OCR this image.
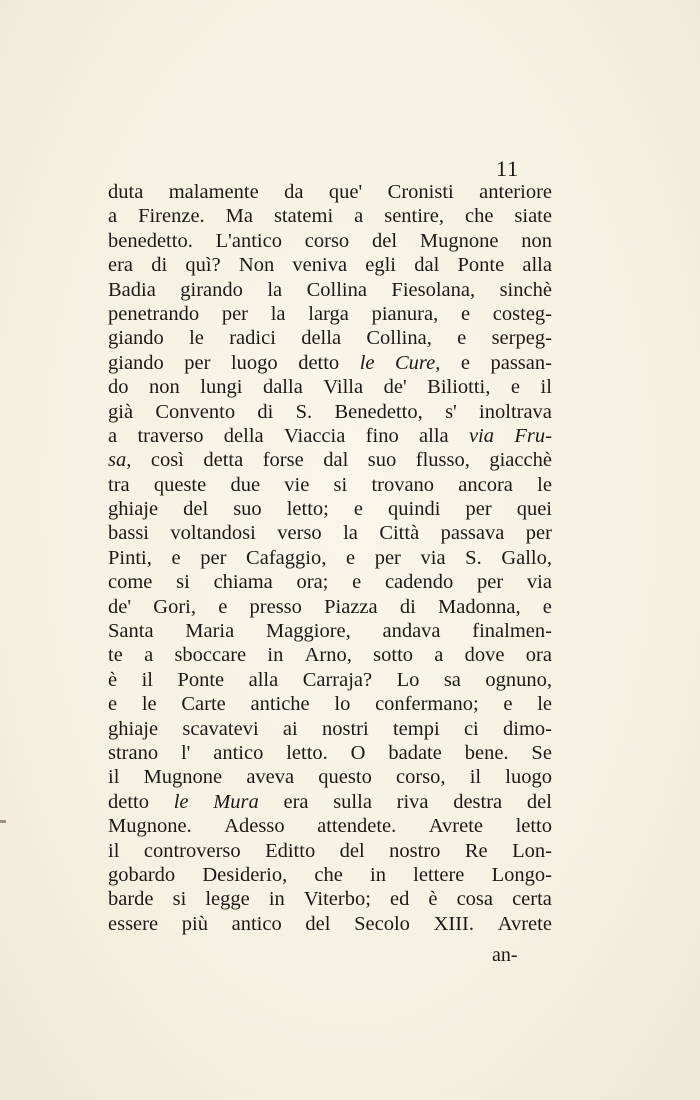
11
duta malamente da que' Cronisti anteriore
a Firenze. Ma statemi a sentire, che siate
benedetto. L'antico corso del Mugnone non
era di quì? Non veniva egli dal Ponte alla
Badia girando la Collina Fiesolana, sinchè
penetrando per la larga pianura, e costeg-
giando le radici della Collina, e serpeg-
giando per luogo detto le Cure, e passan-
do non lungi dalla Villa de' Biliotti, e il
già Convento di S. Benedetto, s' inoltrava
a traverso della Viaccia fino alla via Fru-
sa, così detta forse dal suo flusso, giacchè
tra queste due vie si trovano ancora le
ghiaje del suo letto; e quindi per quei
bassi voltandosi verso la Città passava per
Pinti, e per Cafaggio, e per via S. Gallo,
come si chiama ora; e cadendo per via
de' Gori, e presso Piazza di Madonna, e
Santa Maria Maggiore, andava finalmen-
te a sboccare in Arno, sotto a dove ora
è il Ponte alla Carraja? Lo sa ognuno,
e le Carte antiche lo confermano; e le
ghiaje scavatevi ai nostri tempi ci dimo-
strano l' antico letto. O badate bene. Se
il Mugnone aveva questo corso, il luogo
detto le Mura era sulla riva destra del
Mugnone. Adesso attendete. Avrete letto
il controverso Editto del nostro Re Lon-
gobardo Desiderio, che in lettere Longo-
barde si legge in Viterbo; ed è cosa certa
essere più antico del Secolo XIII. Avrete
an-
